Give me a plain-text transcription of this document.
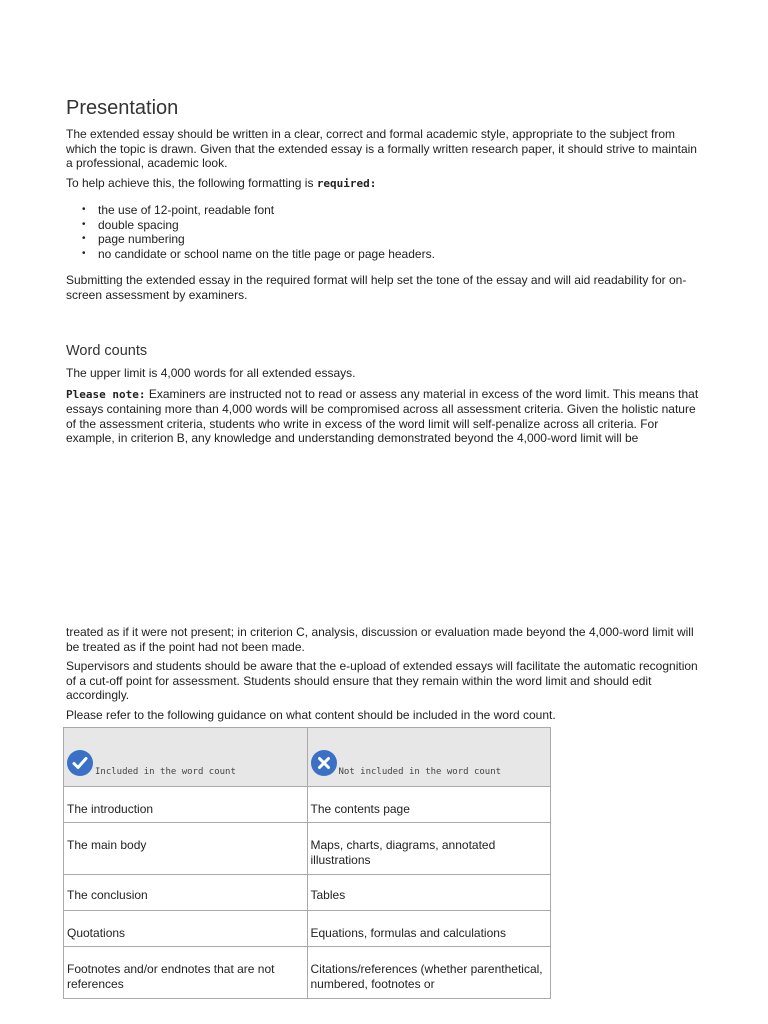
Presentation

The extended essay should be written in a clear, correct and formal academic style, appropriate to the subject from which the topic is drawn. Given that the extended essay is a formally written research paper, it should strive to maintain a professional, academic look.

To help achieve this, the following formatting is required:

• the use of 12-point, readable font
• double spacing
• page numbering
• no candidate or school name on the title page or page headers.

Submitting the extended essay in the required format will help set the tone of the essay and will aid readability for on-screen assessment by examiners.

Word counts

The upper limit is 4,000 words for all extended essays.

Please note: Examiners are instructed not to read or assess any material in excess of the word limit. This means that essays containing more than 4,000 words will be compromised across all assessment criteria. Given the holistic nature of the assessment criteria, students who write in excess of the word limit will self-penalize across all criteria. For example, in criterion B, any knowledge and understanding demonstrated beyond the 4,000-word limit will be

treated as if it were not present; in criterion C, analysis, discussion or evaluation made beyond the 4,000-word limit will be treated as if the point had not been made.

Supervisors and students should be aware that the e-upload of extended essays will facilitate the automatic recognition of a cut-off point for assessment. Students should ensure that they remain within the word limit and should edit accordingly.

Please refer to the following guidance on what content should be included in the word count.

$_{Included in the word count}$	$_{Not included in the word count}$
The introduction	The contents page
The main body	Maps, charts, diagrams, annotated illustrations
The conclusion	Tables
Quotations	Equations, formulas and calculations
Footnotes and/or endnotes that are not references	Citations/references (whether parenthetical, numbered, footnotes or
